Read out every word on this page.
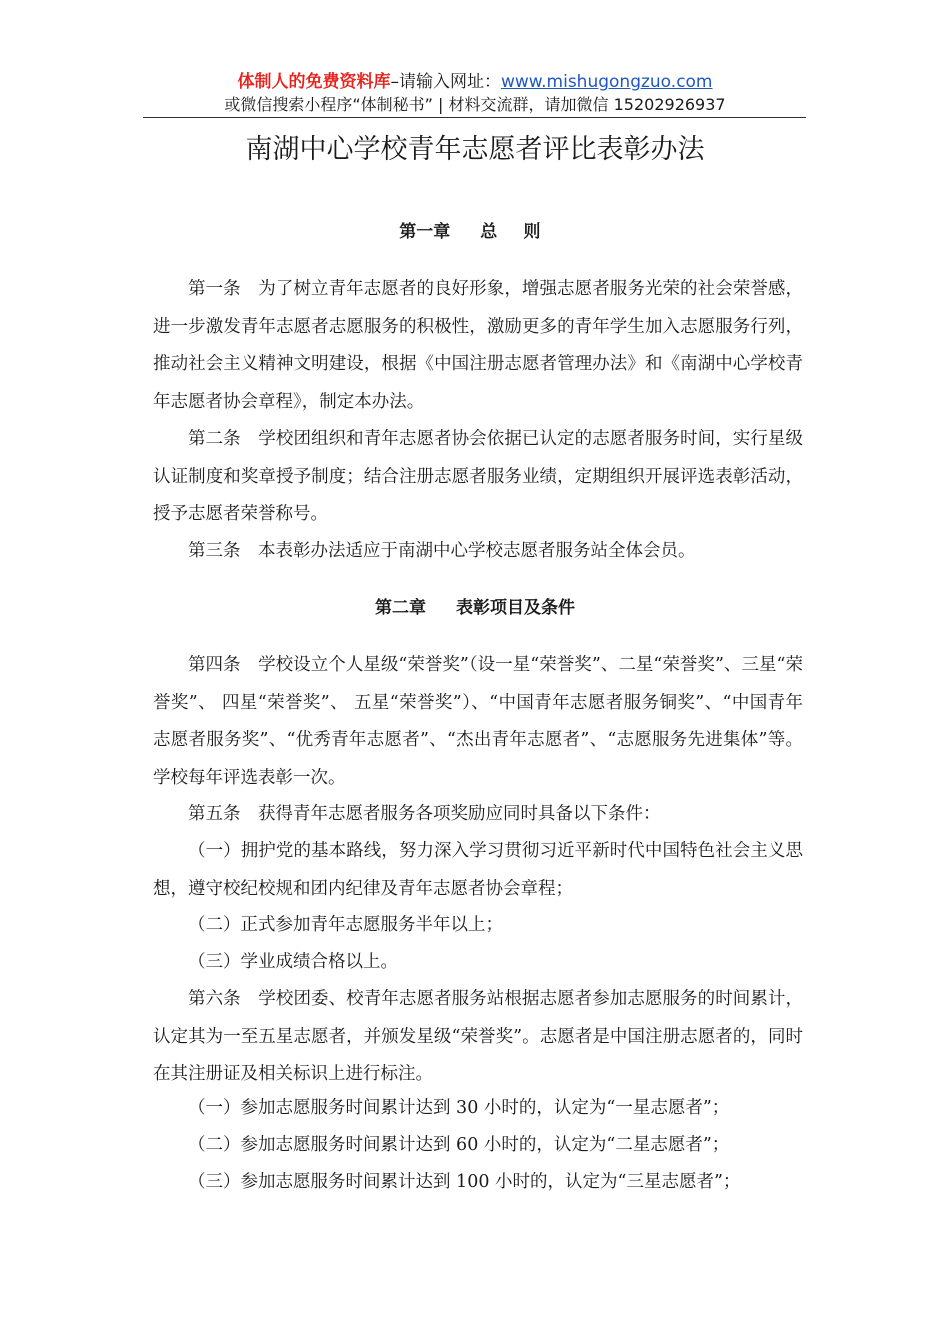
体制人的免费资料库–请输入网址：www.mishugongzuo.com
或微信搜索小程序“体制秘书” | 材料交流群，请加微信 15202926937
南湖中心学校青年志愿者评比表彰办法
第一章 总 则
第一条　为了树立青年志愿者的良好形象，增强志愿者服务光荣的社会荣誉感，进一步激发青年志愿者志愿服务的积极性，激励更多的青年学生加入志愿服务行列，推动社会主义精神文明建设，根据《中国注册志愿者管理办法》和《南湖中心学校青年志愿者协会章程》，制定本办法。
第二条　学校团组织和青年志愿者协会依据已认定的志愿者服务时间，实行星级认证制度和奖章授予制度；结合注册志愿者服务业绩，定期组织开展评选表彰活动，授予志愿者荣誉称号。
第三条　本表彰办法适应于南湖中心学校志愿者服务站全体会员。
第二章 表彰项目及条件
第四条　学校设立个人星级“荣誉奖”（设一星“荣誉奖”、二星“荣誉奖”、三星“荣誉奖”、 四星“荣誉奖”、 五星“荣誉奖”）、“中国青年志愿者服务铜奖”、“中国青年志愿者服务奖”、“优秀青年志愿者”、“杰出青年志愿者”、“志愿服务先进集体”等。学校每年评选表彰一次。
第五条　获得青年志愿者服务各项奖励应同时具备以下条件：
（一）拥护党的基本路线，努力深入学习贯彻习近平新时代中国特色社会主义思想，遵守校纪校规和团内纪律及青年志愿者协会章程；
（二）正式参加青年志愿服务半年以上；
（三）学业成绩合格以上。
第六条　学校团委、校青年志愿者服务站根据志愿者参加志愿服务的时间累计，认定其为一至五星志愿者，并颁发星级“荣誉奖”。志愿者是中国注册志愿者的，同时在其注册证及相关标识上进行标注。
（一）参加志愿服务时间累计达到 30 小时的，认定为“一星志愿者”；
（二）参加志愿服务时间累计达到 60 小时的，认定为“二星志愿者”；
（三）参加志愿服务时间累计达到 100 小时的，认定为“三星志愿者”；
